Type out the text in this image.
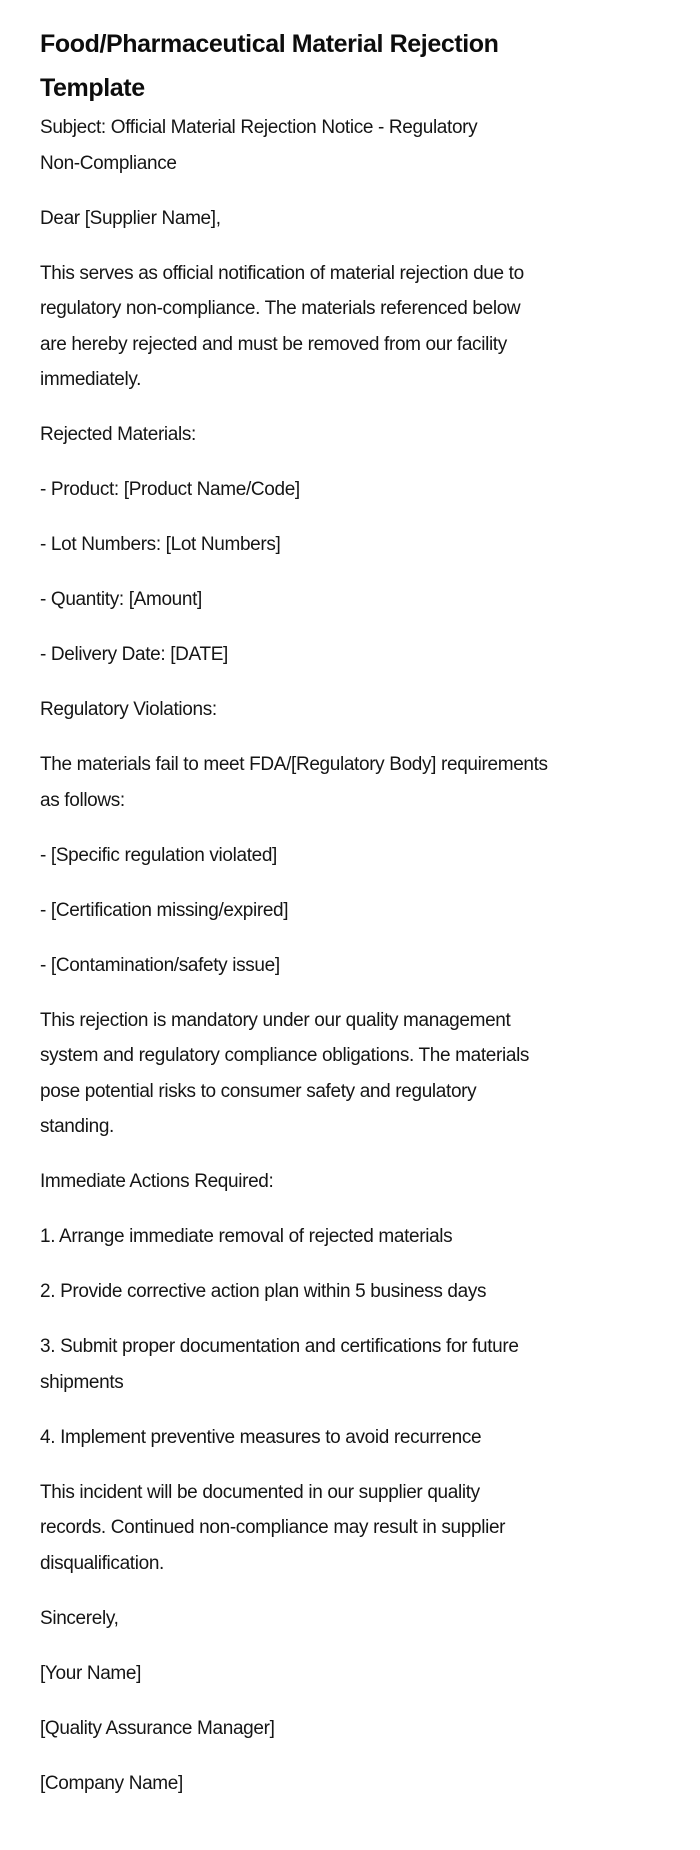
Food/Pharmaceutical Material Rejection
Template

Subject: Official Material Rejection Notice - Regulatory
Non-Compliance

Dear [Supplier Name],

This serves as official notification of material rejection due to
regulatory non-compliance. The materials referenced below
are hereby rejected and must be removed from our facility
immediately.

Rejected Materials:

- Product: [Product Name/Code]

- Lot Numbers: [Lot Numbers]

- Quantity: [Amount]

- Delivery Date: [DATE]

Regulatory Violations:

The materials fail to meet FDA/[Regulatory Body] requirements
as follows:

- [Specific regulation violated]

- [Certification missing/expired]

- [Contamination/safety issue]

This rejection is mandatory under our quality management
system and regulatory compliance obligations. The materials
pose potential risks to consumer safety and regulatory
standing.

Immediate Actions Required:

1. Arrange immediate removal of rejected materials

2. Provide corrective action plan within 5 business days

3. Submit proper documentation and certifications for future
shipments

4. Implement preventive measures to avoid recurrence

This incident will be documented in our supplier quality
records. Continued non-compliance may result in supplier
disqualification.

Sincerely,

[Your Name]

[Quality Assurance Manager]

[Company Name]
